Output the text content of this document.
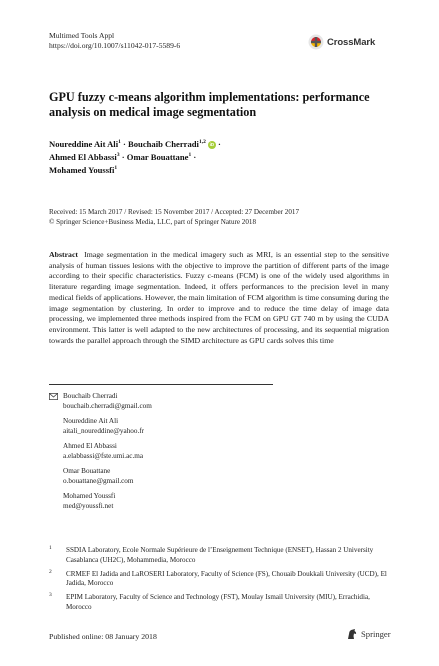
Multimed Tools Appl
https://doi.org/10.1007/s11042-017-5589-6	CrossMark
GPU fuzzy c-means algorithm implementations: performance analysis on medical image segmentation
Noureddine Ait Ali$^1$ · Bouchaib Cherradi$^{1,2}$ iD ·
Ahmed El Abbassi$^3$ · Omar Bouattane$^1$ ·
Mohamed Youssfi$^1$
Received: 15 March 2017 / Revised: 15 November 2017 / Accepted: 27 December 2017
© Springer Science+Business Media, LLC, part of Springer Nature 2018
Abstract Image segmentation in the medical imagery such as MRI, is an essential step to the sensitive analysis of human tissues lesions with the objective to improve the partition of different parts of the image according to their specific characteristics. Fuzzy c-means (FCM) is one of the widely used algorithms in literature regarding image segmentation. Indeed, it offers performances to the precision level in many medical fields of applications. However, the main limitation of FCM algorithm is time consuming during the image segmentation by clustering. In order to improve and to reduce the time delay of image data processing, we implemented three methods inspired from the FCM on GPU GT 740 m by using the CUDA environment. This latter is well adapted to the new architectures of processing, and its sequential migration towards the parallel approach through the SIMD architecture as GPU cards solves this time
Bouchaib Cherradi
bouchaib.cherradi@gmail.com
Noureddine Ait Ali
aitali_noureddine@yahoo.fr
Ahmed El Abbassi
a.elabbassi@fste.umi.ac.ma
Omar Bouattane
o.bouattane@gmail.com
Mohamed Youssfi
med@youssfi.net
1 SSDIA Laboratory, Ecole Normale Supérieure de l’Enseignement Technique (ENSET), Hassan 2 University Casablanca (UH2C), Mohammedia, Morocco
2 CRMEF El Jadida and LaROSERI Laboratory, Faculty of Science (FS), Chouaib Doukkali University (UCD), El Jadida, Morocco
3 EPIM Laboratory, Faculty of Science and Technology (FST), Moulay Ismail University (MIU), Errachidia, Morocco
Published online: 08 January 2018	Springer
